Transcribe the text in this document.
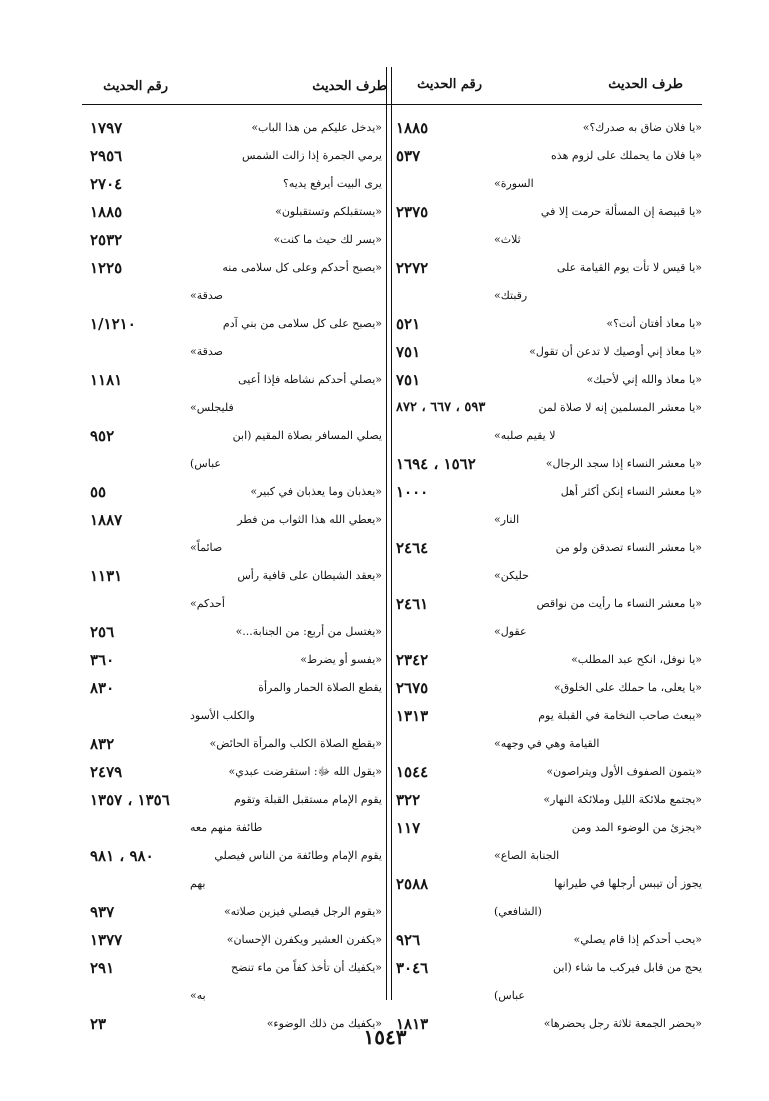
طرف الحديث
رقم الحديث
طرف الحديث
رقم الحديث
«يا فلان ضاق به صدرك؟»
١٨٨٥
«يا فلان ما يحملك على لزوم هذه
السورة»
٥٣٧
«يا قبيصة إن المسألة حرمت إلا في
ثلاث»
٢٣٧٥
«يا قيس لا تأت يوم القيامة على
رقبتك»
٢٢٧٢
«يا معاذ أفتان أنت؟»
٥٢١
«يا معاذ إني أوصيك لا تدعن أن تقول»
٧٥١
«يا معاذ والله إني لأحبك»
٧٥١
«يا معشر المسلمين إنه لا صلاة لمن
لا يقيم صلبه»
٥٩٣ ، ٦٦٧ ، ٨٧٢
«يا معشر النساء إذا سجد الرجال»
١٥٦٢ ، ١٦٩٤
«يا معشر النساء إنكن أكثر أهل
النار»
١٠٠٠
«يا معشر النساء تصدقن ولو من
حليكن»
٢٤٦٤
«يا معشر النساء ما رأيت من نواقص
عقول»
٢٤٦١
«يا نوفل، انكح عبد المطلب»
٢٣٤٢
«يا يعلى، ما حملك على الخلوق»
٢٦٧٥
«يبعث صاحب النخامة في القبلة يوم
القيامة وهي في وجهه»
١٣١٣
«يتمون الصفوف الأول ويتراصون»
١٥٤٤
«يجتمع ملائكة الليل وملائكة النهار»
٣٢٢
«يجزئ من الوضوء المد ومن
الجنابة الصاع»
١١٧
يجوز أن تيبس أرجلها في طيرانها
(الشافعي)
٢٥٨٨
«يحب أحدكم إذا قام يصلي»
٩٢٦
يحج من قابل فيركب ما شاء (ابن
عباس)
٣٠٤٦
«يحضر الجمعة ثلاثة رجل يحضرها»
١٨١٣
«يدخل عليكم من هذا الباب»
١٧٩٧
يرمي الجمرة إذا زالت الشمس
٢٩٥٦
يرى البيت أيرفع يديه؟
٢٧٠٤
«يستقبلكم وتستقبلون»
١٨٨٥
«يسر لك حيث ما كنت»
٢٥٣٢
«يصبح أحدكم وعلى كل سلامى منه
صدقة»
١٢٢٥
«يصبح على كل سلامى من بني آدم
صدقة»
١/١٢١٠
«يصلي أحدكم نشاطه فإذا أعيى
فليجلس»
١١٨١
يصلي المسافر بصلاة المقيم (ابن
عباس)
٩٥٢
«يعذبان وما يعذبان في كبير»
٥٥
«يعطي الله هذا الثواب من فطر
صائماً»
١٨٨٧
«يعقد الشيطان على قافية رأس
أحدكم»
١١٣١
«يغتسل من أربع: من الجنابة...»
٢٥٦
«يفسو أو يضرط»
٣٦٠
يقطع الصلاة الحمار والمرأة
والكلب الأسود
٨٣٠
«يقطع الصلاة الكلب والمرأة الحائض»
٨٣٢
«يقول الله ﷻ: استقرضت عبدي»
٢٤٧٩
يقوم الإمام مستقبل القبلة وتقوم
طائفة منهم معه
١٣٥٦ ، ١٣٥٧
يقوم الإمام وطائفة من الناس فيصلي
بهم
٩٨٠ ، ٩٨١
«يقوم الرجل فيصلي فيزين صلاته»
٩٣٧
«يكفرن العشير ويكفرن الإحسان»
١٣٧٧
«يكفيك أن تأخذ كفاً من ماء تنضح
به»
٢٩١
«يكفيك من ذلك الوضوء»
٢٣
١٥٤٣
